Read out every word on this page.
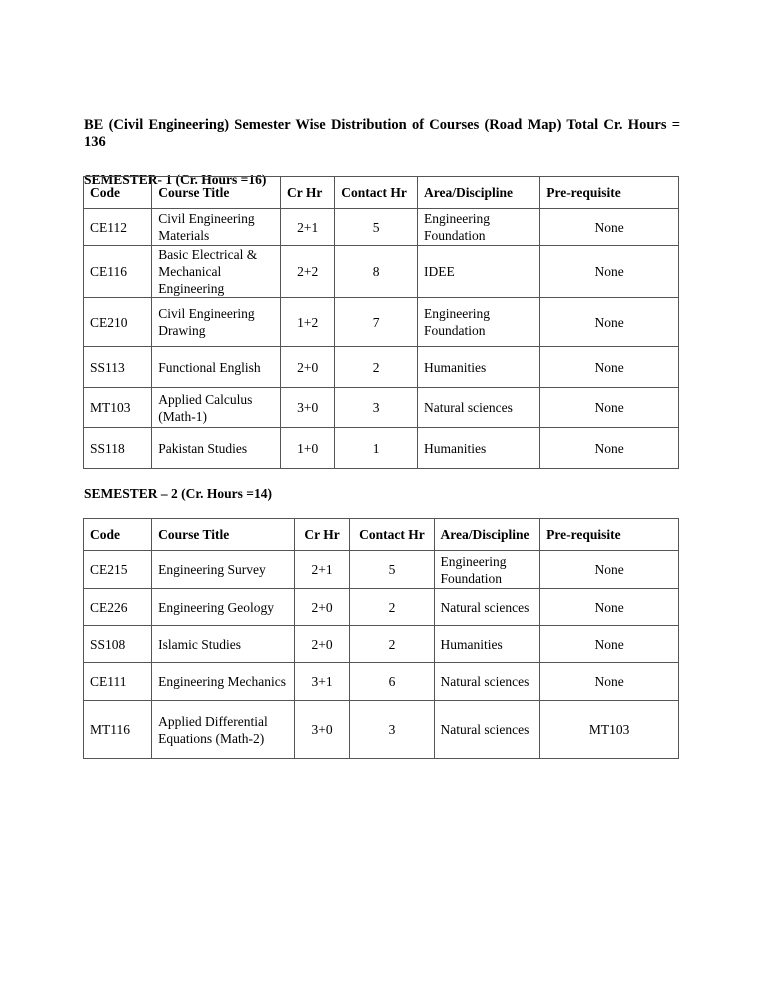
BE (Civil Engineering) Semester Wise Distribution of Courses (Road Map) Total Cr. Hours = 136
SEMESTER- 1 (Cr. Hours =16)
Code	Course Title	Cr Hr	Contact Hr	Area/Discipline	Pre-requisite
CE112	Civil Engineering Materials	2+1	5	Engineering Foundation	None
CE116	Basic Electrical & Mechanical Engineering	2+2	8	IDEE	None
CE210	Civil Engineering Drawing	1+2	7	Engineering Foundation	None
SS113	Functional English	2+0	2	Humanities	None
MT103	Applied Calculus (Math-1)	3+0	3	Natural sciences	None
SS118	Pakistan Studies	1+0	1	Humanities	None
SEMESTER – 2 (Cr. Hours =14)
Code	Course Title	Cr Hr	Contact Hr	Area/Discipline	Pre-requisite
CE215	Engineering Survey	2+1	5	Engineering Foundation	None
CE226	Engineering Geology	2+0	2	Natural sciences	None
SS108	Islamic Studies	2+0	2	Humanities	None
CE111	Engineering Mechanics	3+1	6	Natural sciences	None
MT116	Applied Differential Equations (Math-2)	3+0	3	Natural sciences	MT103
